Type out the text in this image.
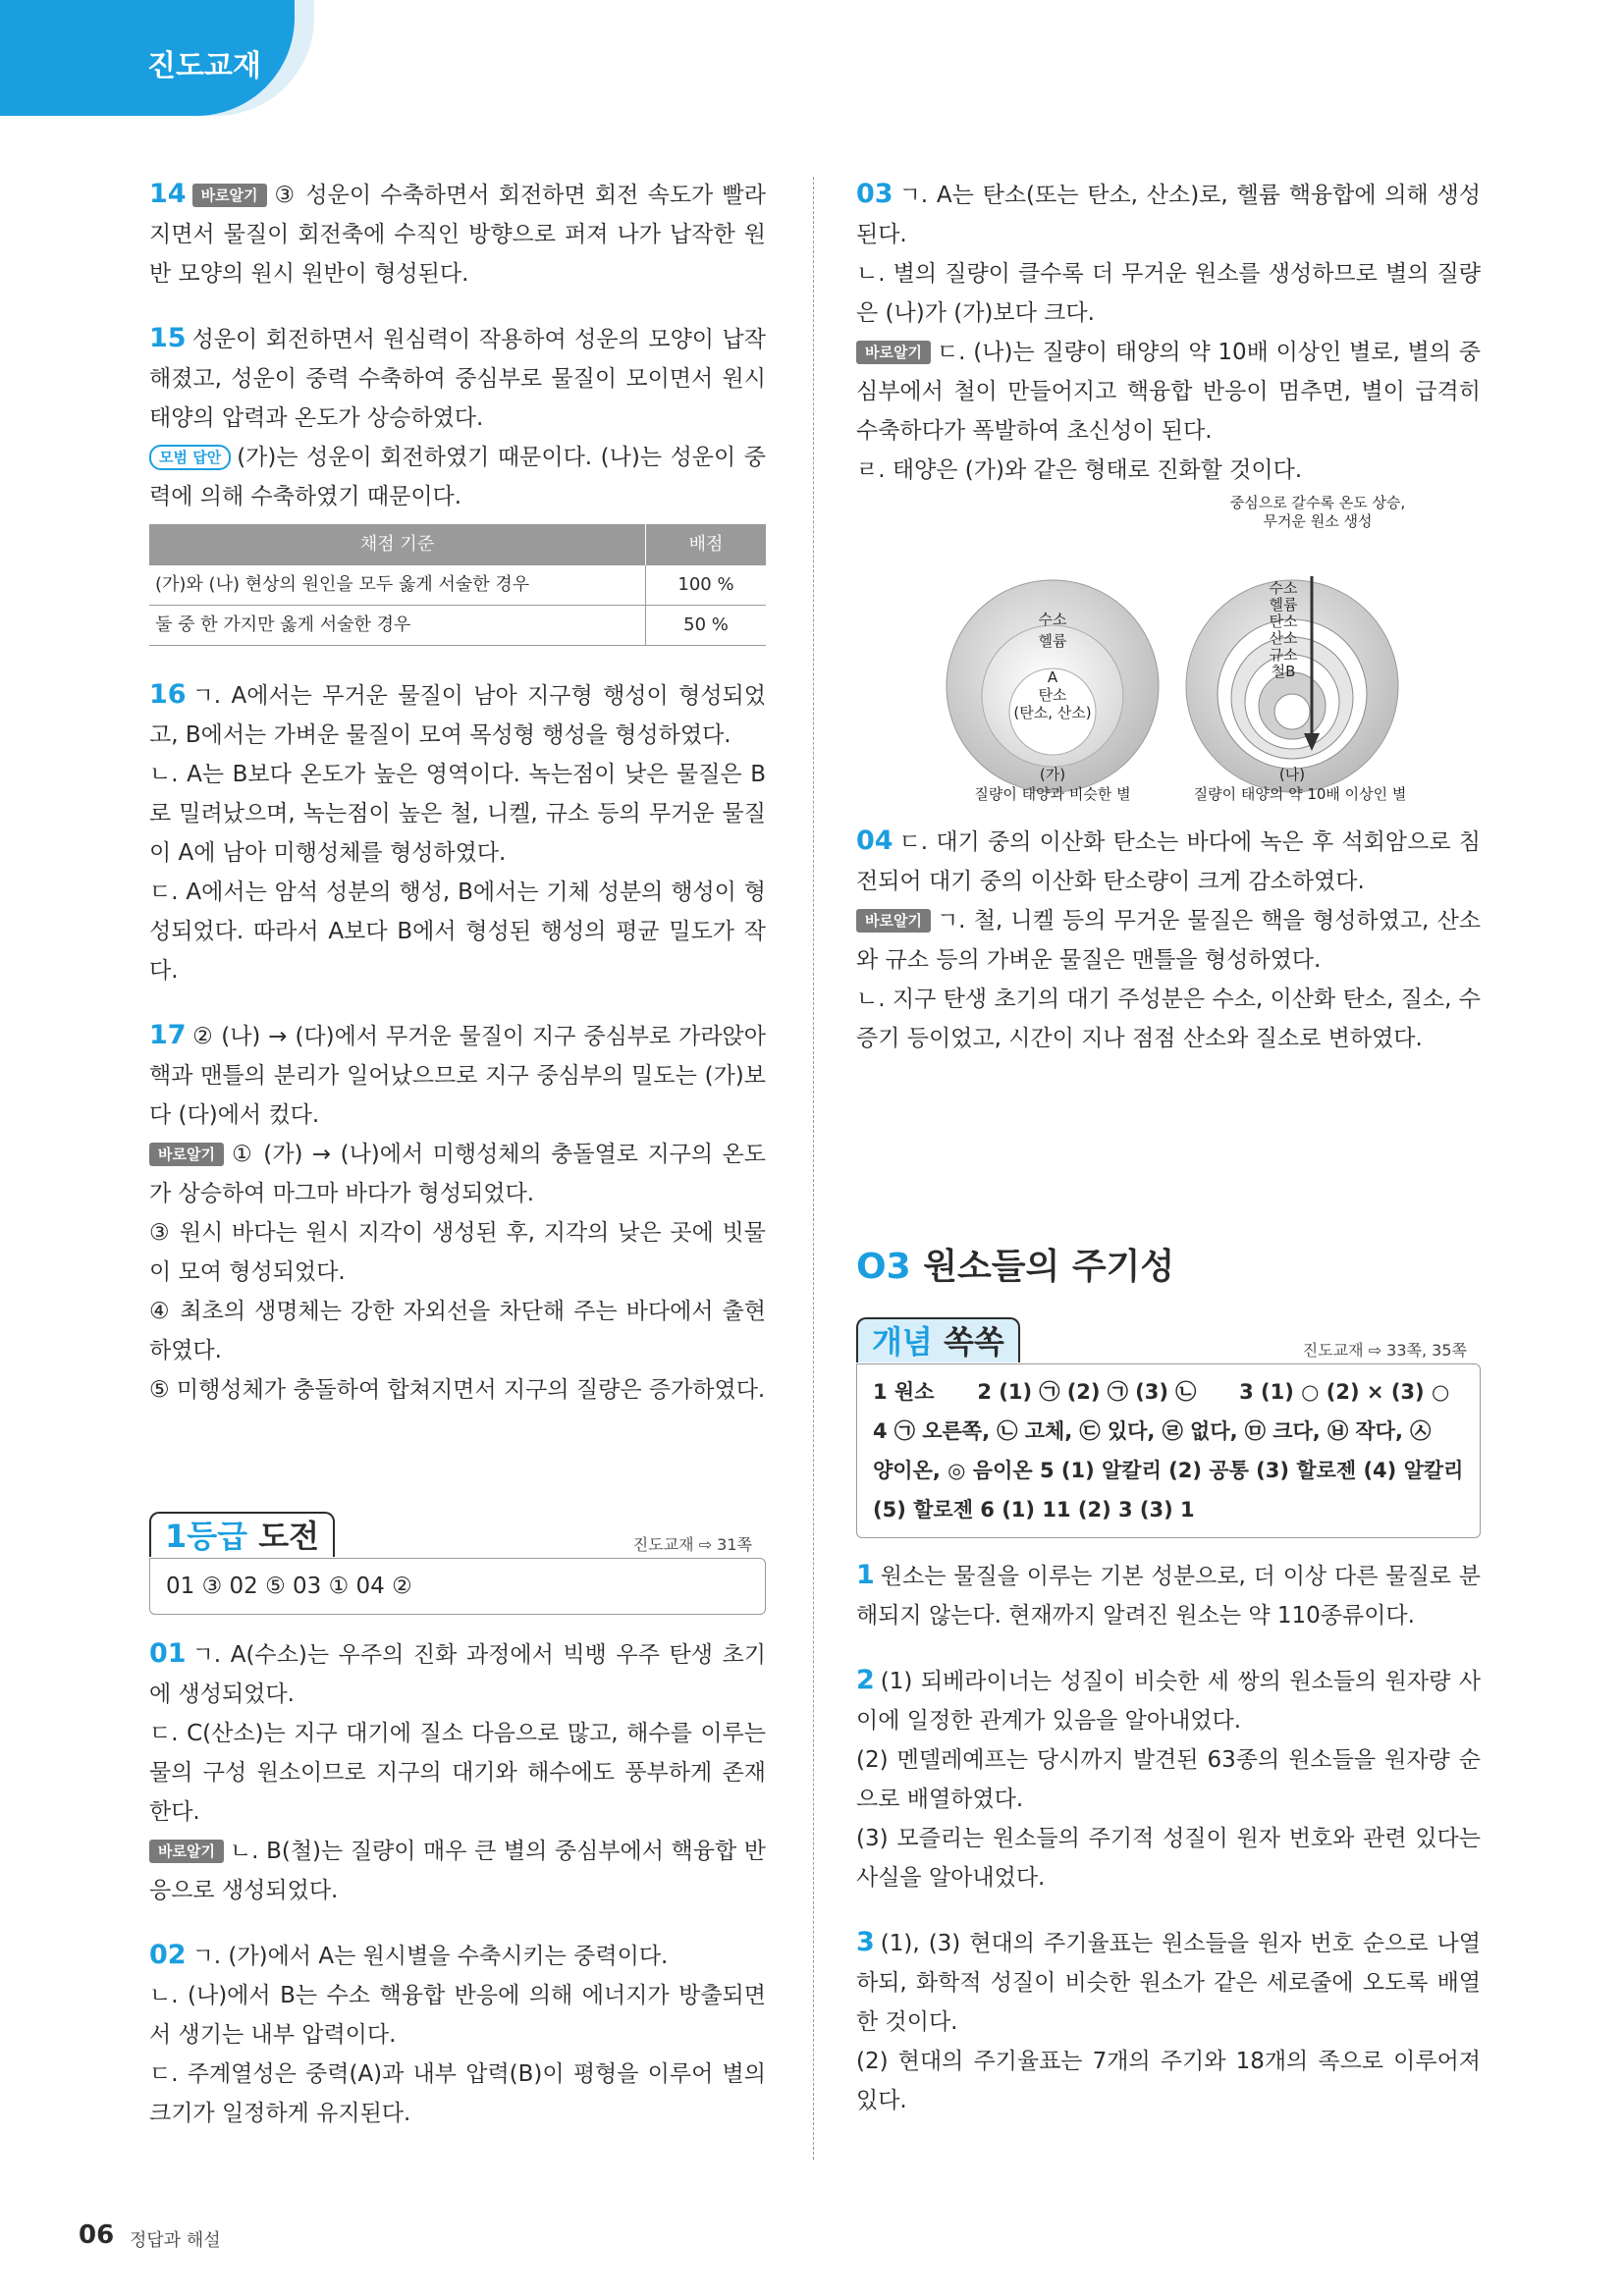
진도교재

14 바로알기 ③ 성운이 수축하면서 회전하면 회전 속도가 빨라지면서 물질이 회전축에 수직인 방향으로 퍼져 나가 납작한 원반 모양의 원시 원반이 형성된다.

15 성운이 회전하면서 원심력이 작용하여 성운의 모양이 납작해졌고, 성운이 중력 수축하여 중심부로 물질이 모이면서 원시 태양의 압력과 온도가 상승하였다.

모범 답안 (가)는 성운이 회전하였기 때문이다. (나)는 성운이 중력에 의해 수축하였기 때문이다.

채점 기준	배점
(가)와 (나) 현상의 원인을 모두 옳게 서술한 경우	100 %
둘 중 한 가지만 옳게 서술한 경우	50 %

16 ㄱ. A에서는 무거운 물질이 남아 지구형 행성이 형성되었고, B에서는 가벼운 물질이 모여 목성형 행성을 형성하였다.

ㄴ. A는 B보다 온도가 높은 영역이다. 녹는점이 낮은 물질은 B로 밀려났으며, 녹는점이 높은 철, 니켈, 규소 등의 무거운 물질이 A에 남아 미행성체를 형성하였다.

ㄷ. A에서는 암석 성분의 행성, B에서는 기체 성분의 행성이 형성되었다. 따라서 A보다 B에서 형성된 행성의 평균 밀도가 작다.

17 ② (나) → (다)에서 무거운 물질이 지구 중심부로 가라앉아 핵과 맨틀의 분리가 일어났으므로 지구 중심부의 밀도는 (가)보다 (다)에서 컸다.

바로알기 ① (가) → (나)에서 미행성체의 충돌열로 지구의 온도가 상승하여 마그마 바다가 형성되었다.

③ 원시 바다는 원시 지각이 생성된 후, 지각의 낮은 곳에 빗물이 모여 형성되었다.

④ 최초의 생명체는 강한 자외선을 차단해 주는 바다에서 출현하였다.

⑤ 미행성체가 충돌하여 합쳐지면서 지구의 질량은 증가하였다.

1등급 도전	진도교재 ⇨ 31쪽
01 ③ 02 ⑤ 03 ① 04 ②

01 ㄱ. A(수소)는 우주의 진화 과정에서 빅뱅 우주 탄생 초기에 생성되었다.

ㄷ. C(산소)는 지구 대기에 질소 다음으로 많고, 해수를 이루는 물의 구성 원소이므로 지구의 대기와 해수에도 풍부하게 존재한다.

바로알기 ㄴ. B(철)는 질량이 매우 큰 별의 중심부에서 핵융합 반응으로 생성되었다.

02 ㄱ. (가)에서 A는 원시별을 수축시키는 중력이다.

ㄴ. (나)에서 B는 수소 핵융합 반응에 의해 에너지가 방출되면서 생기는 내부 압력이다.

ㄷ. 주계열성은 중력(A)과 내부 압력(B)이 평형을 이루어 별의 크기가 일정하게 유지된다.

03 ㄱ. A는 탄소(또는 탄소, 산소)로, 헬륨 핵융합에 의해 생성된다.

ㄴ. 별의 질량이 클수록 더 무거운 원소를 생성하므로 별의 질량은 (나)가 (가)보다 크다.

바로알기 ㄷ. (나)는 질량이 태양의 약 10배 이상인 별로, 별의 중심부에서 철이 만들어지고 핵융합 반응이 멈추면, 별이 급격히 수축하다가 폭발하여 초신성이 된다.

ㄹ. 태양은 (가)와 같은 형태로 진화할 것이다.

중심으로 갈수록 온도 상승,
무거운 원소 생성
수소
헬륨
A
탄소
(탄소, 산소)
수소
헬륨
탄소
산소
규소
철B
(가)	(나)
질량이 태양과 비슷한 별	질량이 태양의 약 10배 이상인 별

04 ㄷ. 대기 중의 이산화 탄소는 바다에 녹은 후 석회암으로 침전되어 대기 중의 이산화 탄소량이 크게 감소하였다.

바로알기 ㄱ. 철, 니켈 등의 무거운 물질은 핵을 형성하였고, 산소와 규소 등의 가벼운 물질은 맨틀을 형성하였다.

ㄴ. 지구 탄생 초기의 대기 주성분은 수소, 이산화 탄소, 질소, 수증기 등이었고, 시간이 지나 점점 산소와 질소로 변하였다.

O3 원소들의 주기성

개념 쏙쏙	진도교재 ⇨ 33쪽, 35쪽
1 원소      2 (1) ㉠ (2) ㉠ (3) ㉡      3 (1) ○ (2) × (3) ○
4 ㉠ 오른쪽, ㉡ 고체, ㉢ 있다, ㉣ 없다, ㉤ 크다, ㉥ 작다, ㉦
양이온, ◎ 음이온 5 (1) 알칼리 (2) 공통 (3) 할로젠 (4) 알칼리
(5) 할로젠 6 (1) 11 (2) 3 (3) 1

1 원소는 물질을 이루는 기본 성분으로, 더 이상 다른 물질로 분해되지 않는다. 현재까지 알려진 원소는 약 110종류이다.

2 (1) 되베라이너는 성질이 비슷한 세 쌍의 원소들의 원자량 사이에 일정한 관계가 있음을 알아내었다.

(2) 멘델레예프는 당시까지 발견된 63종의 원소들을 원자량 순으로 배열하였다.

(3) 모즐리는 원소들의 주기적 성질이 원자 번호와 관련 있다는 사실을 알아내었다.

3 (1), (3) 현대의 주기율표는 원소들을 원자 번호 순으로 나열하되, 화학적 성질이 비슷한 원소가 같은 세로줄에 오도록 배열한 것이다.

(2) 현대의 주기율표는 7개의 주기와 18개의 족으로 이루어져 있다.

06 정답과 해설
